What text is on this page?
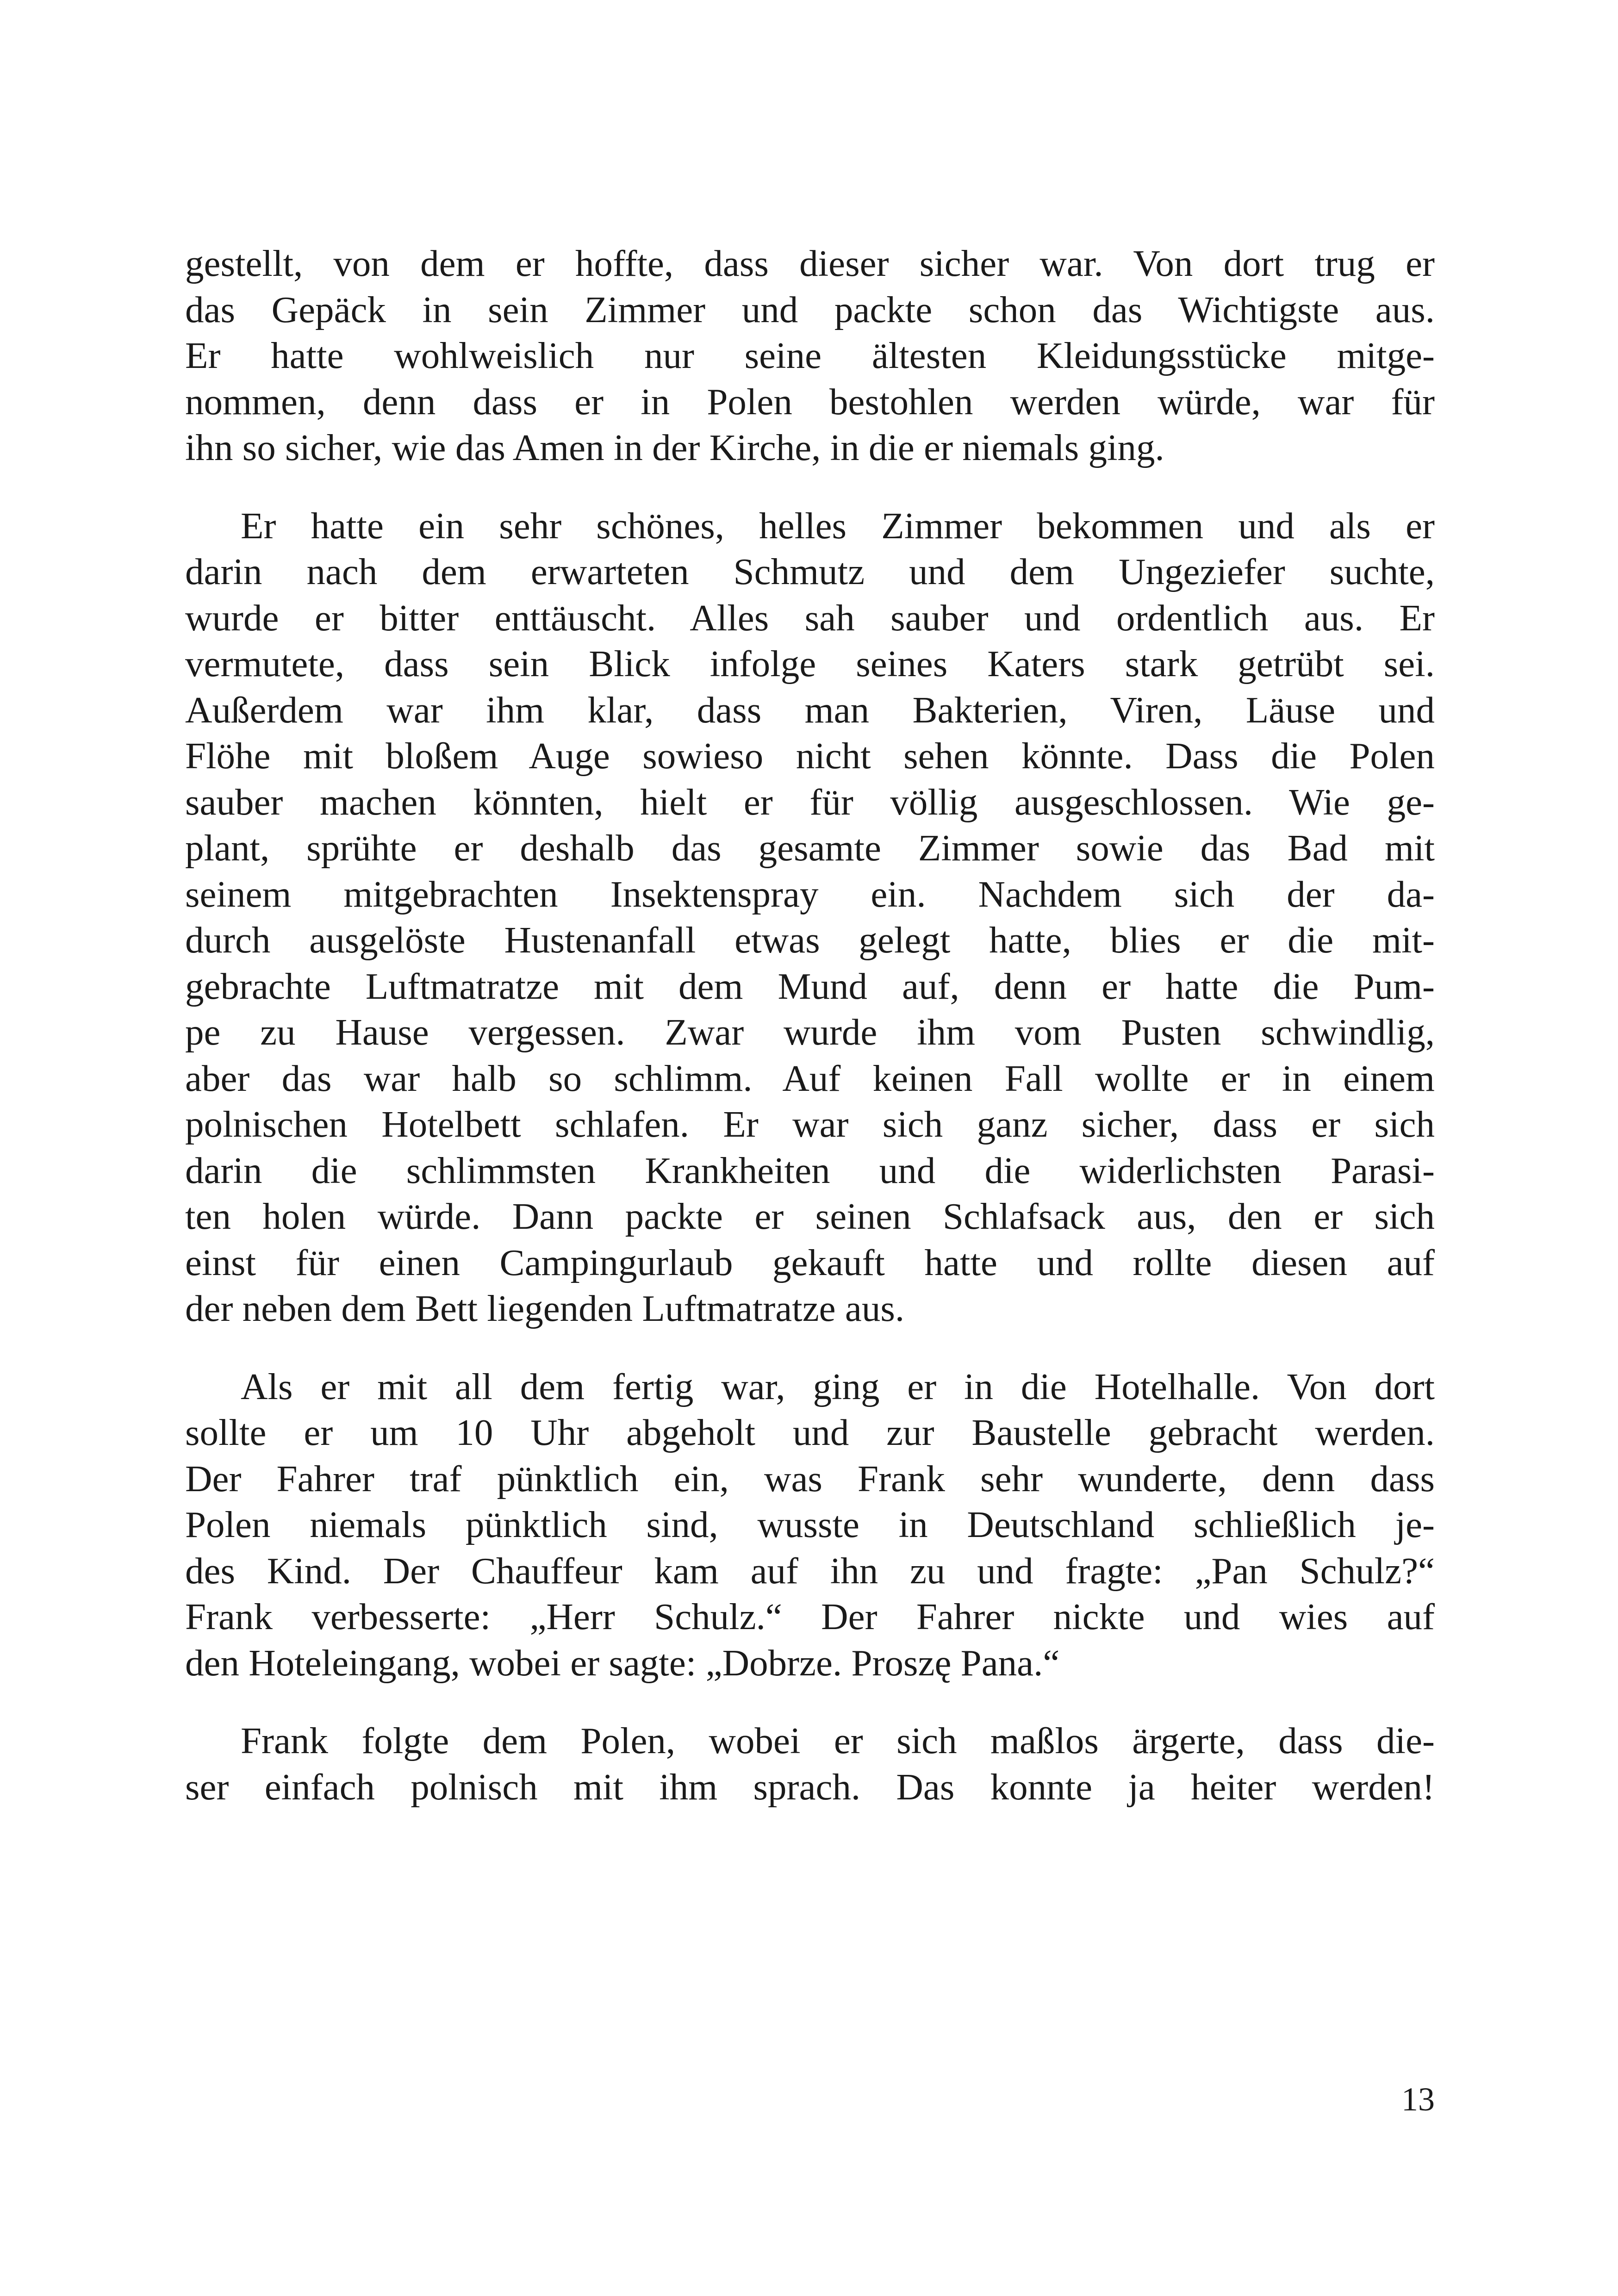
gestellt, von dem er hoffte, dass dieser sicher war. Von dort trug er
das Gepäck in sein Zimmer und packte schon das Wichtigste aus.
Er hatte wohlweislich nur seine ältesten Kleidungsstücke mitge-
nommen, denn dass er in Polen bestohlen werden würde, war für
ihn so sicher, wie das Amen in der Kirche, in die er niemals ging.

Er hatte ein sehr schönes, helles Zimmer bekommen und als er
darin nach dem erwarteten Schmutz und dem Ungeziefer suchte,
wurde er bitter enttäuscht. Alles sah sauber und ordentlich aus. Er
vermutete, dass sein Blick infolge seines Katers stark getrübt sei.
Außerdem war ihm klar, dass man Bakterien, Viren, Läuse und
Flöhe mit bloßem Auge sowieso nicht sehen könnte. Dass die Polen
sauber machen könnten, hielt er für völlig ausgeschlossen. Wie ge-
plant, sprühte er deshalb das gesamte Zimmer sowie das Bad mit
seinem mitgebrachten Insektenspray ein. Nachdem sich der da-
durch ausgelöste Hustenanfall etwas gelegt hatte, blies er die mit-
gebrachte Luftmatratze mit dem Mund auf, denn er hatte die Pum-
pe zu Hause vergessen. Zwar wurde ihm vom Pusten schwindlig,
aber das war halb so schlimm. Auf keinen Fall wollte er in einem
polnischen Hotelbett schlafen. Er war sich ganz sicher, dass er sich
darin die schlimmsten Krankheiten und die widerlichsten Parasi-
ten holen würde. Dann packte er seinen Schlafsack aus, den er sich
einst für einen Campingurlaub gekauft hatte und rollte diesen auf
der neben dem Bett liegenden Luftmatratze aus.

Als er mit all dem fertig war, ging er in die Hotelhalle. Von dort
sollte er um 10 Uhr abgeholt und zur Baustelle gebracht werden.
Der Fahrer traf pünktlich ein, was Frank sehr wunderte, denn dass
Polen niemals pünktlich sind, wusste in Deutschland schließlich je-
des Kind. Der Chauffeur kam auf ihn zu und fragte: „Pan Schulz?“
Frank verbesserte: „Herr Schulz.“ Der Fahrer nickte und wies auf
den Hoteleingang, wobei er sagte: „Dobrze. Proszę Pana.“

Frank folgte dem Polen, wobei er sich maßlos ärgerte, dass die-
ser einfach polnisch mit ihm sprach. Das konnte ja heiter werden!

13
